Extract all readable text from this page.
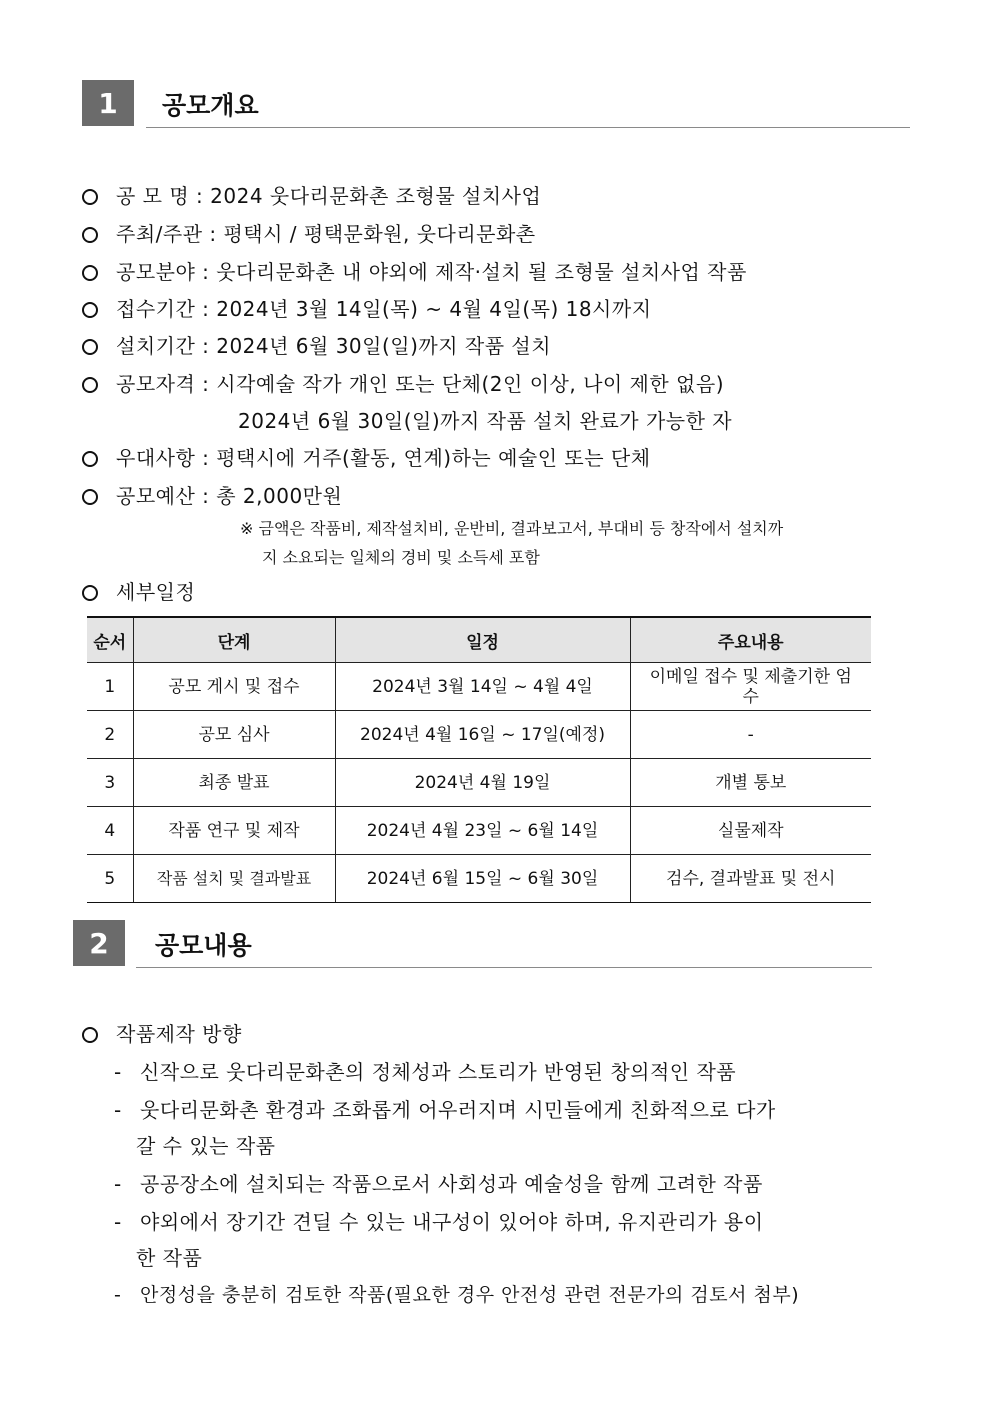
1	공모개요
공 모 명 : 2024 웃다리문화촌 조형물 설치사업
주최/주관 : 평택시 / 평택문화원, 웃다리문화촌
공모분야 : 웃다리문화촌 내 야외에 제작·설치 될 조형물 설치사업 작품
접수기간 : 2024년 3월 14일(목) ~ 4월 4일(목) 18시까지
설치기간 : 2024년 6월 30일(일)까지 작품 설치
공모자격 : 시각예술 작가 개인 또는 단체(2인 이상, 나이 제한 없음)
2024년 6월 30일(일)까지 작품 설치 완료가 가능한 자
우대사항 : 평택시에 거주(활동, 연계)하는 예술인 또는 단체
공모예산 : 총 2,000만원
※ 금액은 작품비, 제작설치비, 운반비, 결과보고서, 부대비 등 창작에서 설치까
지 소요되는 일체의 경비 및 소득세 포함
세부일정
순서	단계	일정	주요내용
1	공모 게시 및 접수	2024년 3월 14일 ~ 4월 4일	이메일 접수 및 제출기한 엄수
2	공모 심사	2024년 4월 16일 ~ 17일(예정)	-
3	최종 발표	2024년 4월 19일	개별 통보
4	작품 연구 및 제작	2024년 4월 23일 ~ 6월 14일	실물제작
5	작품 설치 및 결과발표	2024년 6월 15일 ~ 6월 30일	검수, 결과발표 및 전시
2	공모내용
작품제작 방향
- 신작으로 웃다리문화촌의 정체성과 스토리가 반영된 창의적인 작품
- 웃다리문화촌 환경과 조화롭게 어우러지며 시민들에게 친화적으로 다가
갈 수 있는 작품
- 공공장소에 설치되는 작품으로서 사회성과 예술성을 함께 고려한 작품
- 야외에서 장기간 견딜 수 있는 내구성이 있어야 하며, 유지관리가 용이
한 작품
- 안정성을 충분히 검토한 작품(필요한 경우 안전성 관련 전문가의 검토서 첨부)
